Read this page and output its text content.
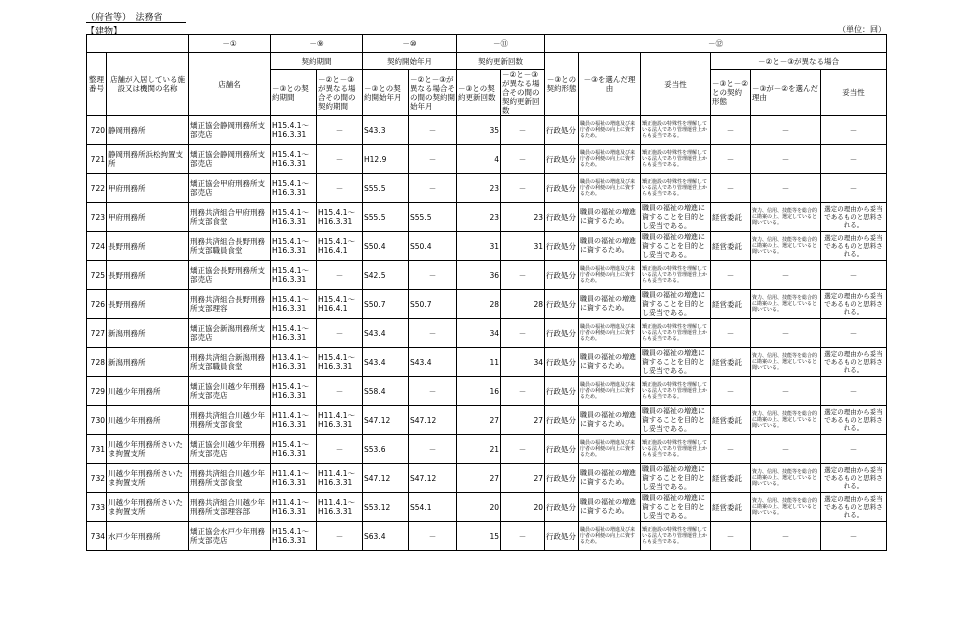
（府省等）　法務省
【建物】	（単位：回）
		－①	－⑨		－⑩		－⑪		－⑫					
整理番号	店舗が入居している施設又は機関の名称	店舗名	契約期間		契約開始年月		契約更新回数		－③との契約形態	－③を選んだ理由	妥当性	－②と－③が異なる場合		
			－③との契約期間	－②と－③が異なる場合その間の契約期間	－③との契約開始年月	－②と－③が異なる場合その間の契約開始年月	－③との契約更新回数	－②と－③が異なる場合その間の契約更新回数				－③と－②との契約形態	－③が－②を選んだ理由	妥当性
720	静岡刑務所	矯正協会静岡刑務所支部売店	H15.4.1～H16.3.31	－	S43.3	－	35	－	行政処分	職員の福祉の増進及び来庁者の利便の向上に資するため。	矯正施設の特殊性を理解している法人であり管理運営上からも妥当である。	－	－	－
721	静岡刑務所浜松拘置支所	矯正協会静岡刑務所支部売店	H15.4.1～H16.3.31	－	H12.9	－	4	－	行政処分	職員の福祉の増進及び来庁者の利便の向上に資するため。	矯正施設の特殊性を理解している法人であり管理運営上からも妥当である。	－	－	－
722	甲府刑務所	矯正協会甲府刑務所支部売店	H15.4.1～H16.3.31	－	S55.5	－	23	－	行政処分	職員の福祉の増進及び来庁者の利便の向上に資するため。	矯正施設の特殊性を理解している法人であり管理運営上からも妥当である。	－	－	－
723	甲府刑務所	刑務共済組合甲府刑務所支部食堂	H15.4.1～H16.3.31	H15.4.1～H16.3.31	S55.5	S55.5	23	23	行政処分	職員の福祉の増進に資するため。	職員の福祉の増進に資することを目的とし妥当である。	経営委託	資力、信用、技能等を総合的に勘案の上、選定していると聞いている。	選定の理由から妥当であるものと思料される。
724	長野刑務所	刑務共済組合長野刑務所支部職員食堂	H15.4.1～H16.3.31	H15.4.1～H16.4.1	S50.4	S50.4	31	31	行政処分	職員の福祉の増進に資するため。	職員の福祉の増進に資することを目的とし妥当である。	経営委託	資力、信用、技能等を総合的に勘案の上、選定していると聞いている。	選定の理由から妥当であるものと思料される。
725	長野刑務所	矯正協会長野刑務所支部売店	H15.4.1～H16.3.31	－	S42.5	－	36	－	行政処分	職員の福祉の増進及び来庁者の利便の向上に資するため。	矯正施設の特殊性を理解している法人であり管理運営上からも妥当である。	－	－	－
726	長野刑務所	刑務共済組合長野刑務所支部理容	H15.4.1～H16.3.31	H15.4.1～H16.4.1	S50.7	S50.7	28	28	行政処分	職員の福祉の増進に資するため。	職員の福祉の増進に資することを目的とし妥当である。	経営委託	資力、信用、技能等を総合的に勘案の上、選定していると聞いている。	選定の理由から妥当であるものと思料される。
727	新潟刑務所	矯正協会新潟刑務所支部売店	H15.4.1～H16.3.31	－	S43.4	－	34	－	行政処分	職員の福祉の増進及び来庁者の利便の向上に資するため。	矯正施設の特殊性を理解している法人であり管理運営上からも妥当である。	－	－	－
728	新潟刑務所	刑務共済組合新潟刑務所支部職員食堂	H13.4.1～H16.3.31	H15.4.1～H16.3.31	S43.4	S43.4	11	34	行政処分	職員の福祉の増進に資するため。	職員の福祉の増進に資することを目的とし妥当である。	経営委託	資力、信用、技能等を総合的に勘案の上、選定していると聞いている。	選定の理由から妥当であるものと思料される。
729	川越少年刑務所	矯正協会川越少年刑務所支部売店	H15.4.1～H16.3.31	－	S58.4	－	16	－	行政処分	職員の福祉の増進及び来庁者の利便の向上に資するため。	矯正施設の特殊性を理解している法人であり管理運営上からも妥当である。	－	－	－
730	川越少年刑務所	刑務共済組合川越少年刑務所支部食堂	H11.4.1～H16.3.31	H11.4.1～H16.3.31	S47.12	S47.12	27	27	行政処分	職員の福祉の増進に資するため。	職員の福祉の増進に資することを目的とし妥当である。	経営委託	資力、信用、技能等を総合的に勘案の上、選定していると聞いている。	選定の理由から妥当であるものと思料される。
731	川越少年刑務所さいたま拘置支所	矯正協会川越少年刑務所支部売店	H15.4.1～H16.3.31	－	S53.6	－	21	－	行政処分	職員の福祉の増進及び来庁者の利便の向上に資するため。	矯正施設の特殊性を理解している法人であり管理運営上からも妥当である。	－	－	－
732	川越少年刑務所さいたま拘置支所	刑務共済組合川越少年刑務所支部食堂	H11.4.1～H16.3.31	H11.4.1～H16.3.31	S47.12	S47.12	27	27	行政処分	職員の福祉の増進に資するため。	職員の福祉の増進に資することを目的とし妥当である。	経営委託	資力、信用、技能等を総合的に勘案の上、選定していると聞いている。	選定の理由から妥当であるものと思料される。
733	川越少年刑務所さいたま拘置支所	刑務共済組合川越少年刑務所支部理容部	H11.4.1～H16.3.31	H11.4.1～H16.3.31	S53.12	S54.1	20	20	行政処分	職員の福祉の増進に資するため。	職員の福祉の増進に資することを目的とし妥当である。	経営委託	資力、信用、技能等を総合的に勘案の上、選定していると聞いている。	選定の理由から妥当であるものと思料される。
734	水戸少年刑務所	矯正協会水戸少年刑務所支部売店	H15.4.1～H16.3.31	－	S63.4	－	15	－	行政処分	職員の福祉の増進及び来庁者の利便の向上に資するため。	矯正施設の特殊性を理解している法人であり管理運営上からも妥当である。	－	－	－
